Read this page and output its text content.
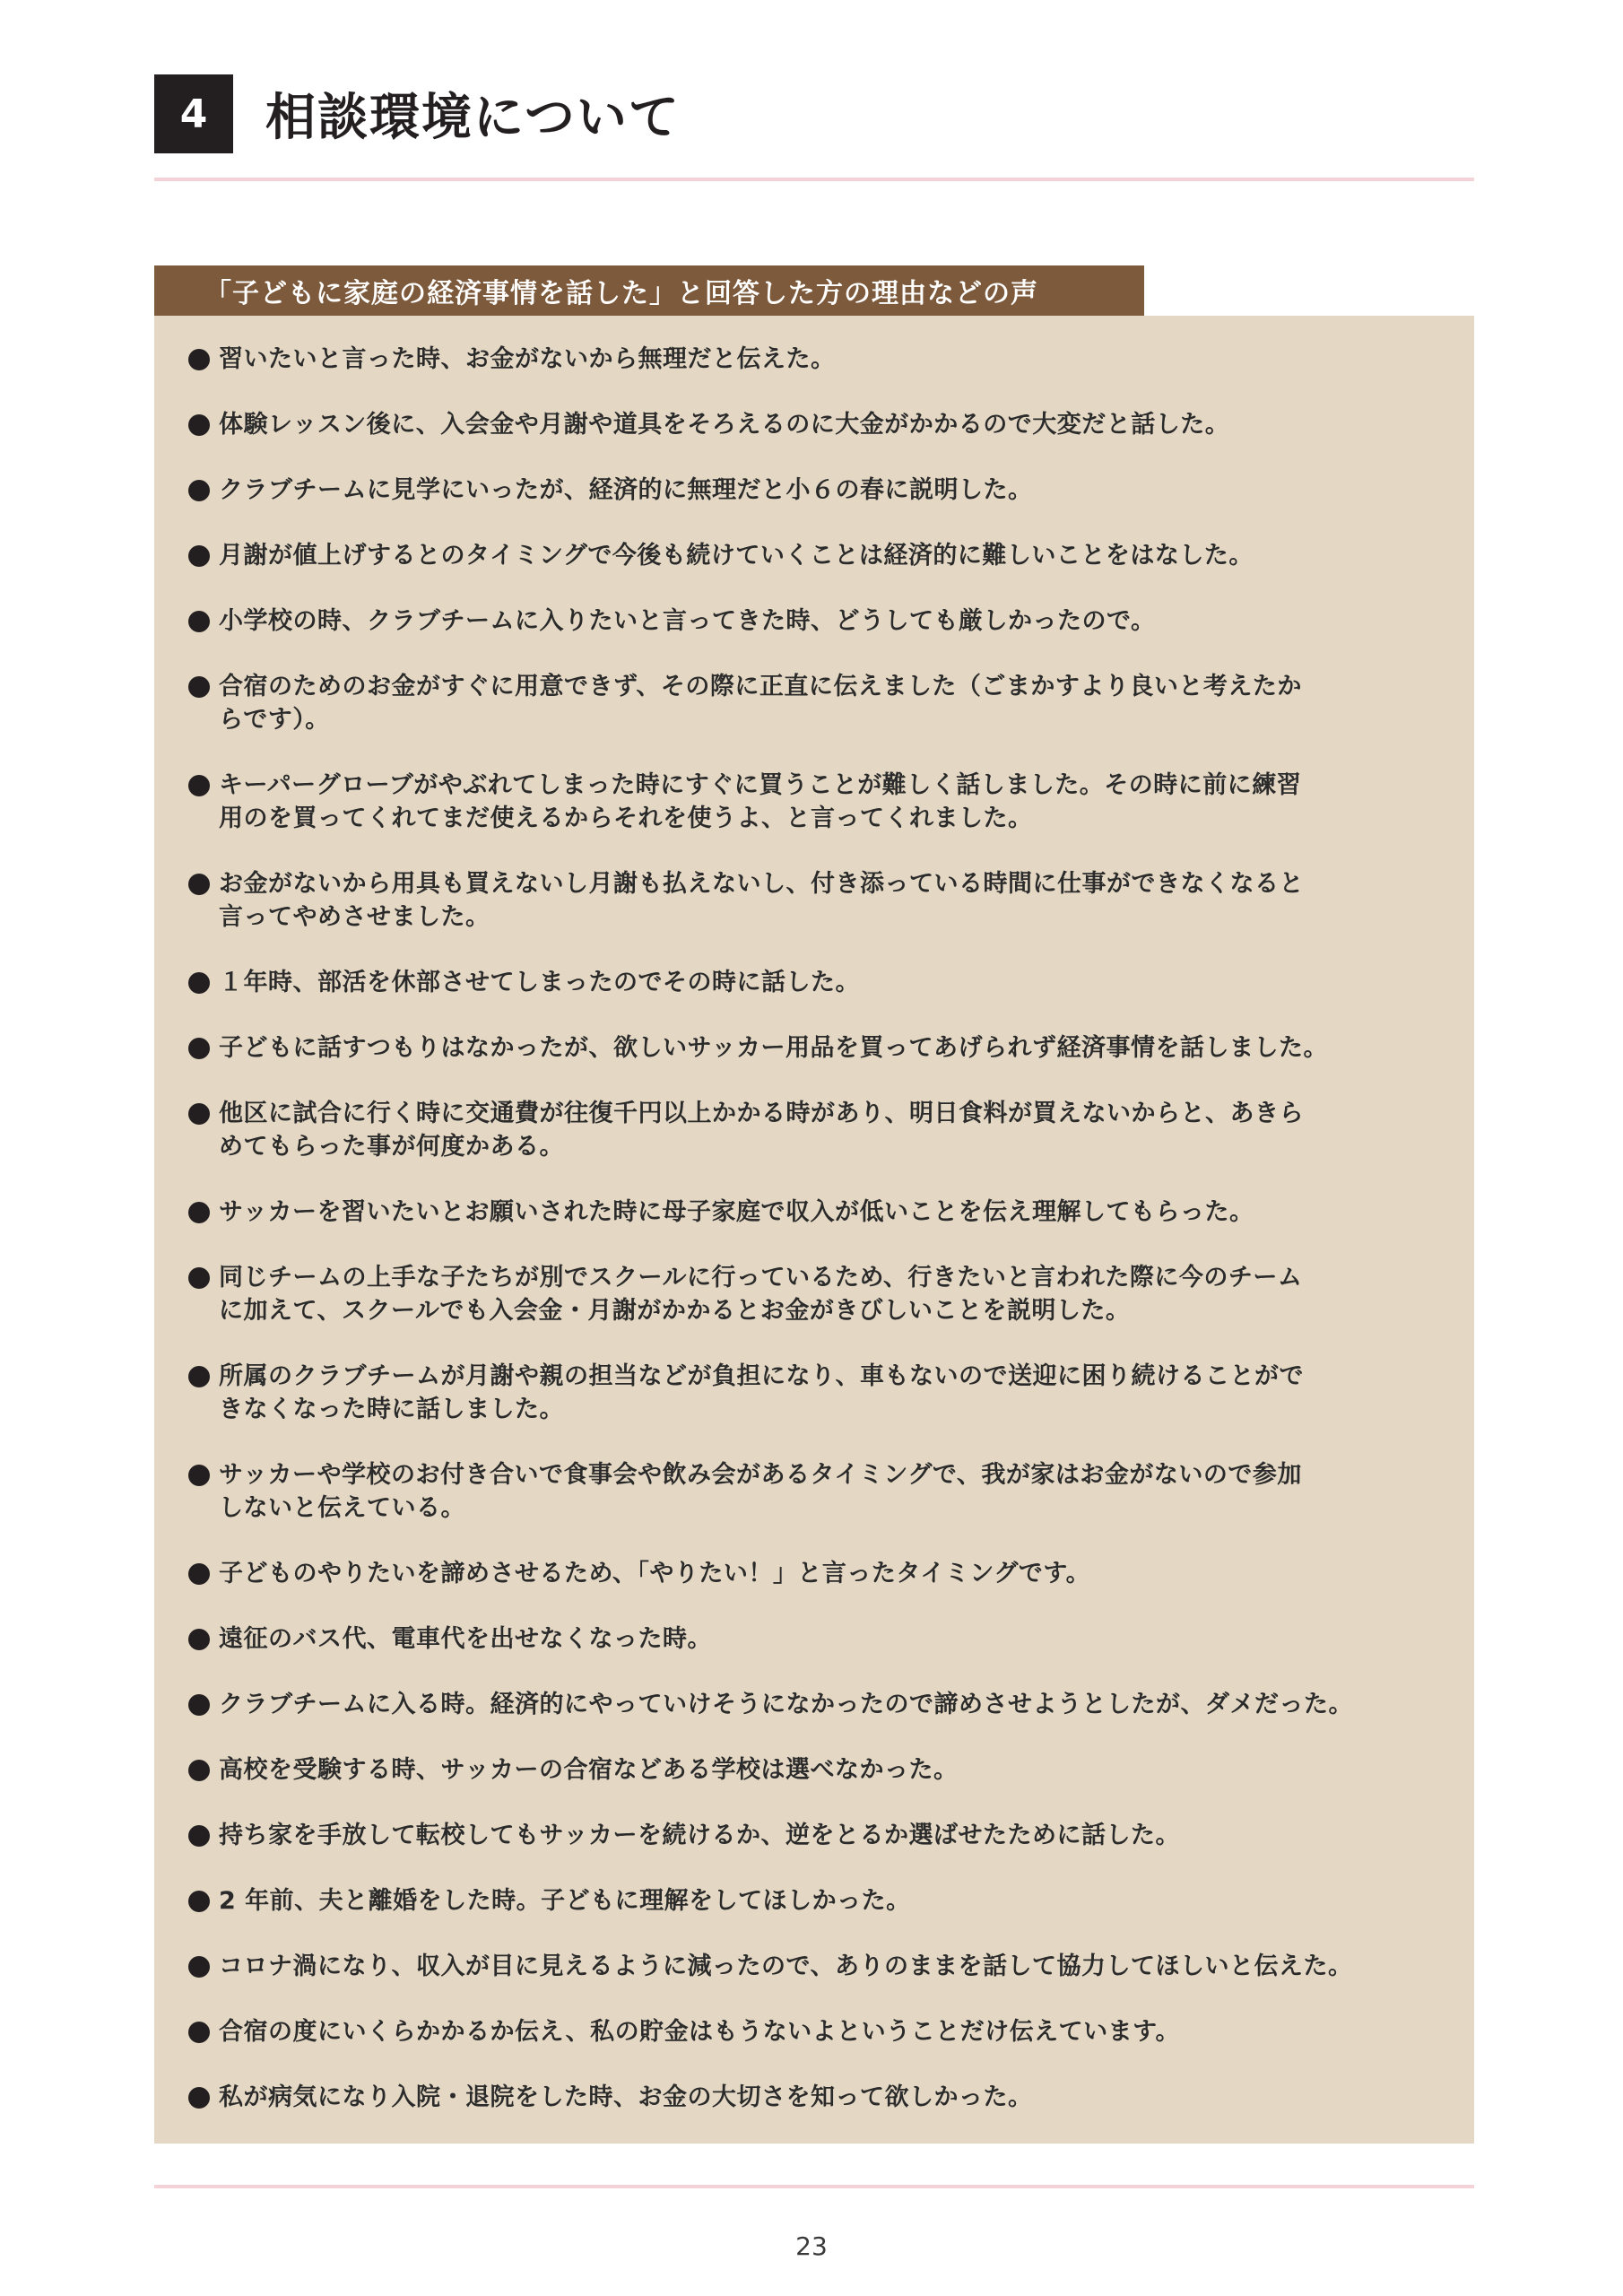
4	相談環境について
「子どもに家庭の経済事情を話した」と回答した方の理由などの声
習いたいと言った時、お金がないから無理だと伝えた。
体験レッスン後に、入会金や月謝や道具をそろえるのに大金がかかるので大変だと話した。
クラブチームに見学にいったが、経済的に無理だと小６の春に説明した。
月謝が値上げするとのタイミングで今後も続けていくことは経済的に難しいことをはなした。
小学校の時、クラブチームに入りたいと言ってきた時、どうしても厳しかったので。
合宿のためのお金がすぐに用意できず、その際に正直に伝えました（ごまかすより良いと考えたか
らです）。
キーパーグローブがやぶれてしまった時にすぐに買うことが難しく話しました。その時に前に練習
用のを買ってくれてまだ使えるからそれを使うよ、と言ってくれました。
お金がないから用具も買えないし月謝も払えないし、付き添っている時間に仕事ができなくなると
言ってやめさせました。
１年時、部活を休部させてしまったのでその時に話した。
子どもに話すつもりはなかったが、欲しいサッカー用品を買ってあげられず経済事情を話しました。
他区に試合に行く時に交通費が往復千円以上かかる時があり、明日食料が買えないからと、あきら
めてもらった事が何度かある。
サッカーを習いたいとお願いされた時に母子家庭で収入が低いことを伝え理解してもらった。
同じチームの上手な子たちが別でスクールに行っているため、行きたいと言われた際に今のチーム
に加えて、スクールでも入会金・月謝がかかるとお金がきびしいことを説明した。
所属のクラブチームが月謝や親の担当などが負担になり、車もないので送迎に困り続けることがで
きなくなった時に話しました。
サッカーや学校のお付き合いで食事会や飲み会があるタイミングで、我が家はお金がないので参加
しないと伝えている。
子どものやりたいを諦めさせるため、「やりたい！」と言ったタイミングです。
遠征のバス代、電車代を出せなくなった時。
クラブチームに入る時。経済的にやっていけそうになかったので諦めさせようとしたが、ダメだった。
高校を受験する時、サッカーの合宿などある学校は選べなかった。
持ち家を手放して転校してもサッカーを続けるか、逆をとるか選ばせたために話した。
2 年前、夫と離婚をした時。子どもに理解をしてほしかった。
コロナ渦になり、収入が目に見えるように減ったので、ありのままを話して協力してほしいと伝えた。
合宿の度にいくらかかるか伝え、私の貯金はもうないよということだけ伝えています。
私が病気になり入院・退院をした時、お金の大切さを知って欲しかった。
23
